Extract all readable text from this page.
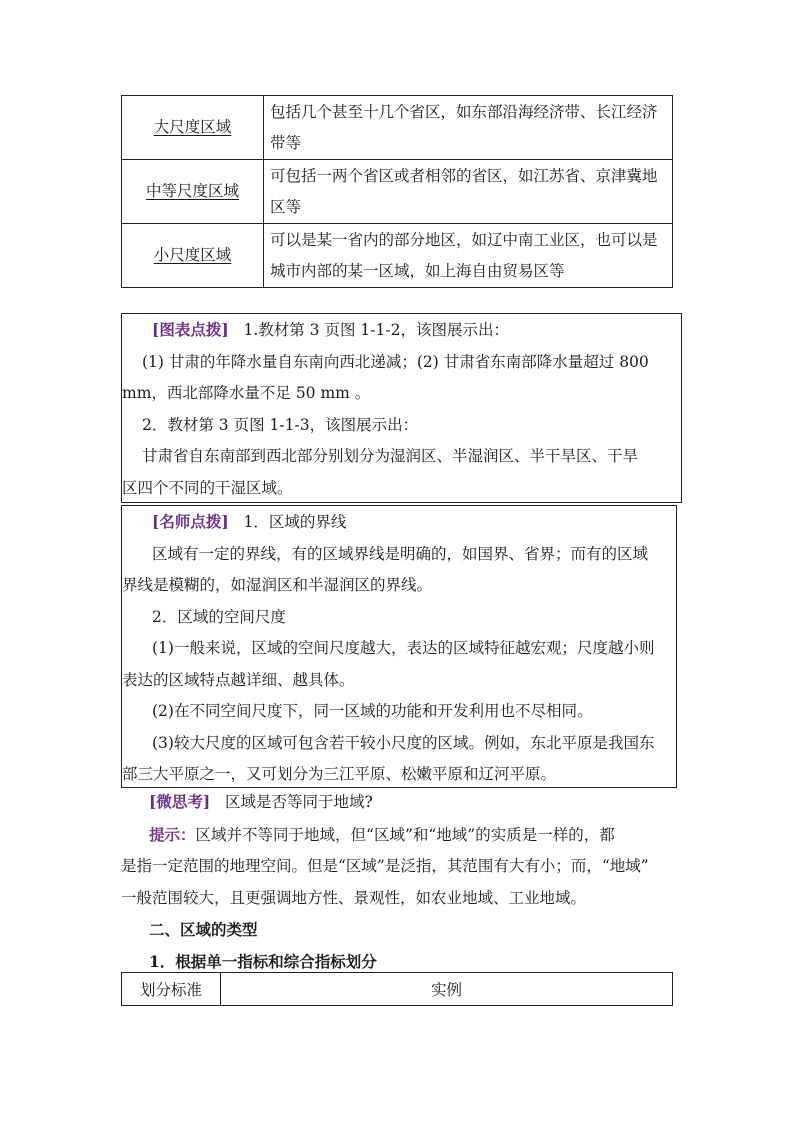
大尺度区域	包括几个甚至十几个省区，如东部沿海经济带、长江经济
带等
中等尺度区域	可包括一两个省区或者相邻的省区，如江苏省、京津冀地
区等
小尺度区域	可以是某一省内的部分地区，如辽中南工业区，也可以是
城市内部的某一区域，如上海自由贸易区等

[图表点拨] 1.教材第 3 页图 1-1-2，该图展示出：

(1) 甘肃的年降水量自东南向西北递减；(2) 甘肃省东南部降水量超过 800

mm，西北部降水量不足 50 mm 。

2．教材第 3 页图 1-1-3，该图展示出：

甘肃省自东南部到西北部分别划分为湿润区、半湿润区、半干旱区、干旱

区四个不同的干湿区域。

[名师点拨] 1．区域的界线

区域有一定的界线，有的区域界线是明确的，如国界、省界；而有的区域

界线是模糊的，如湿润区和半湿润区的界线。

2．区域的空间尺度

(1)一般来说，区域的空间尺度越大，表达的区域特征越宏观；尺度越小则

表达的区域特点越详细、越具体。

(2)在不同空间尺度下，同一区域的功能和开发利用也不尽相同。

(3)较大尺度的区域可包含若干较小尺度的区域。例如，东北平原是我国东

部三大平原之一，又可划分为三江平原、松嫩平原和辽河平原。

[微思考] 区域是否等同于地域?

提示：区域并不等同于地域，但“区域”和“地域”的实质是一样的，都

是指一定范围的地理空间。但是“区域”是泛指，其范围有大有小；而，“地域”

一般范围较大，且更强调地方性、景观性，如农业地域、工业地域。

二、区域的类型

1．根据单一指标和综合指标划分

划分标准	实例
